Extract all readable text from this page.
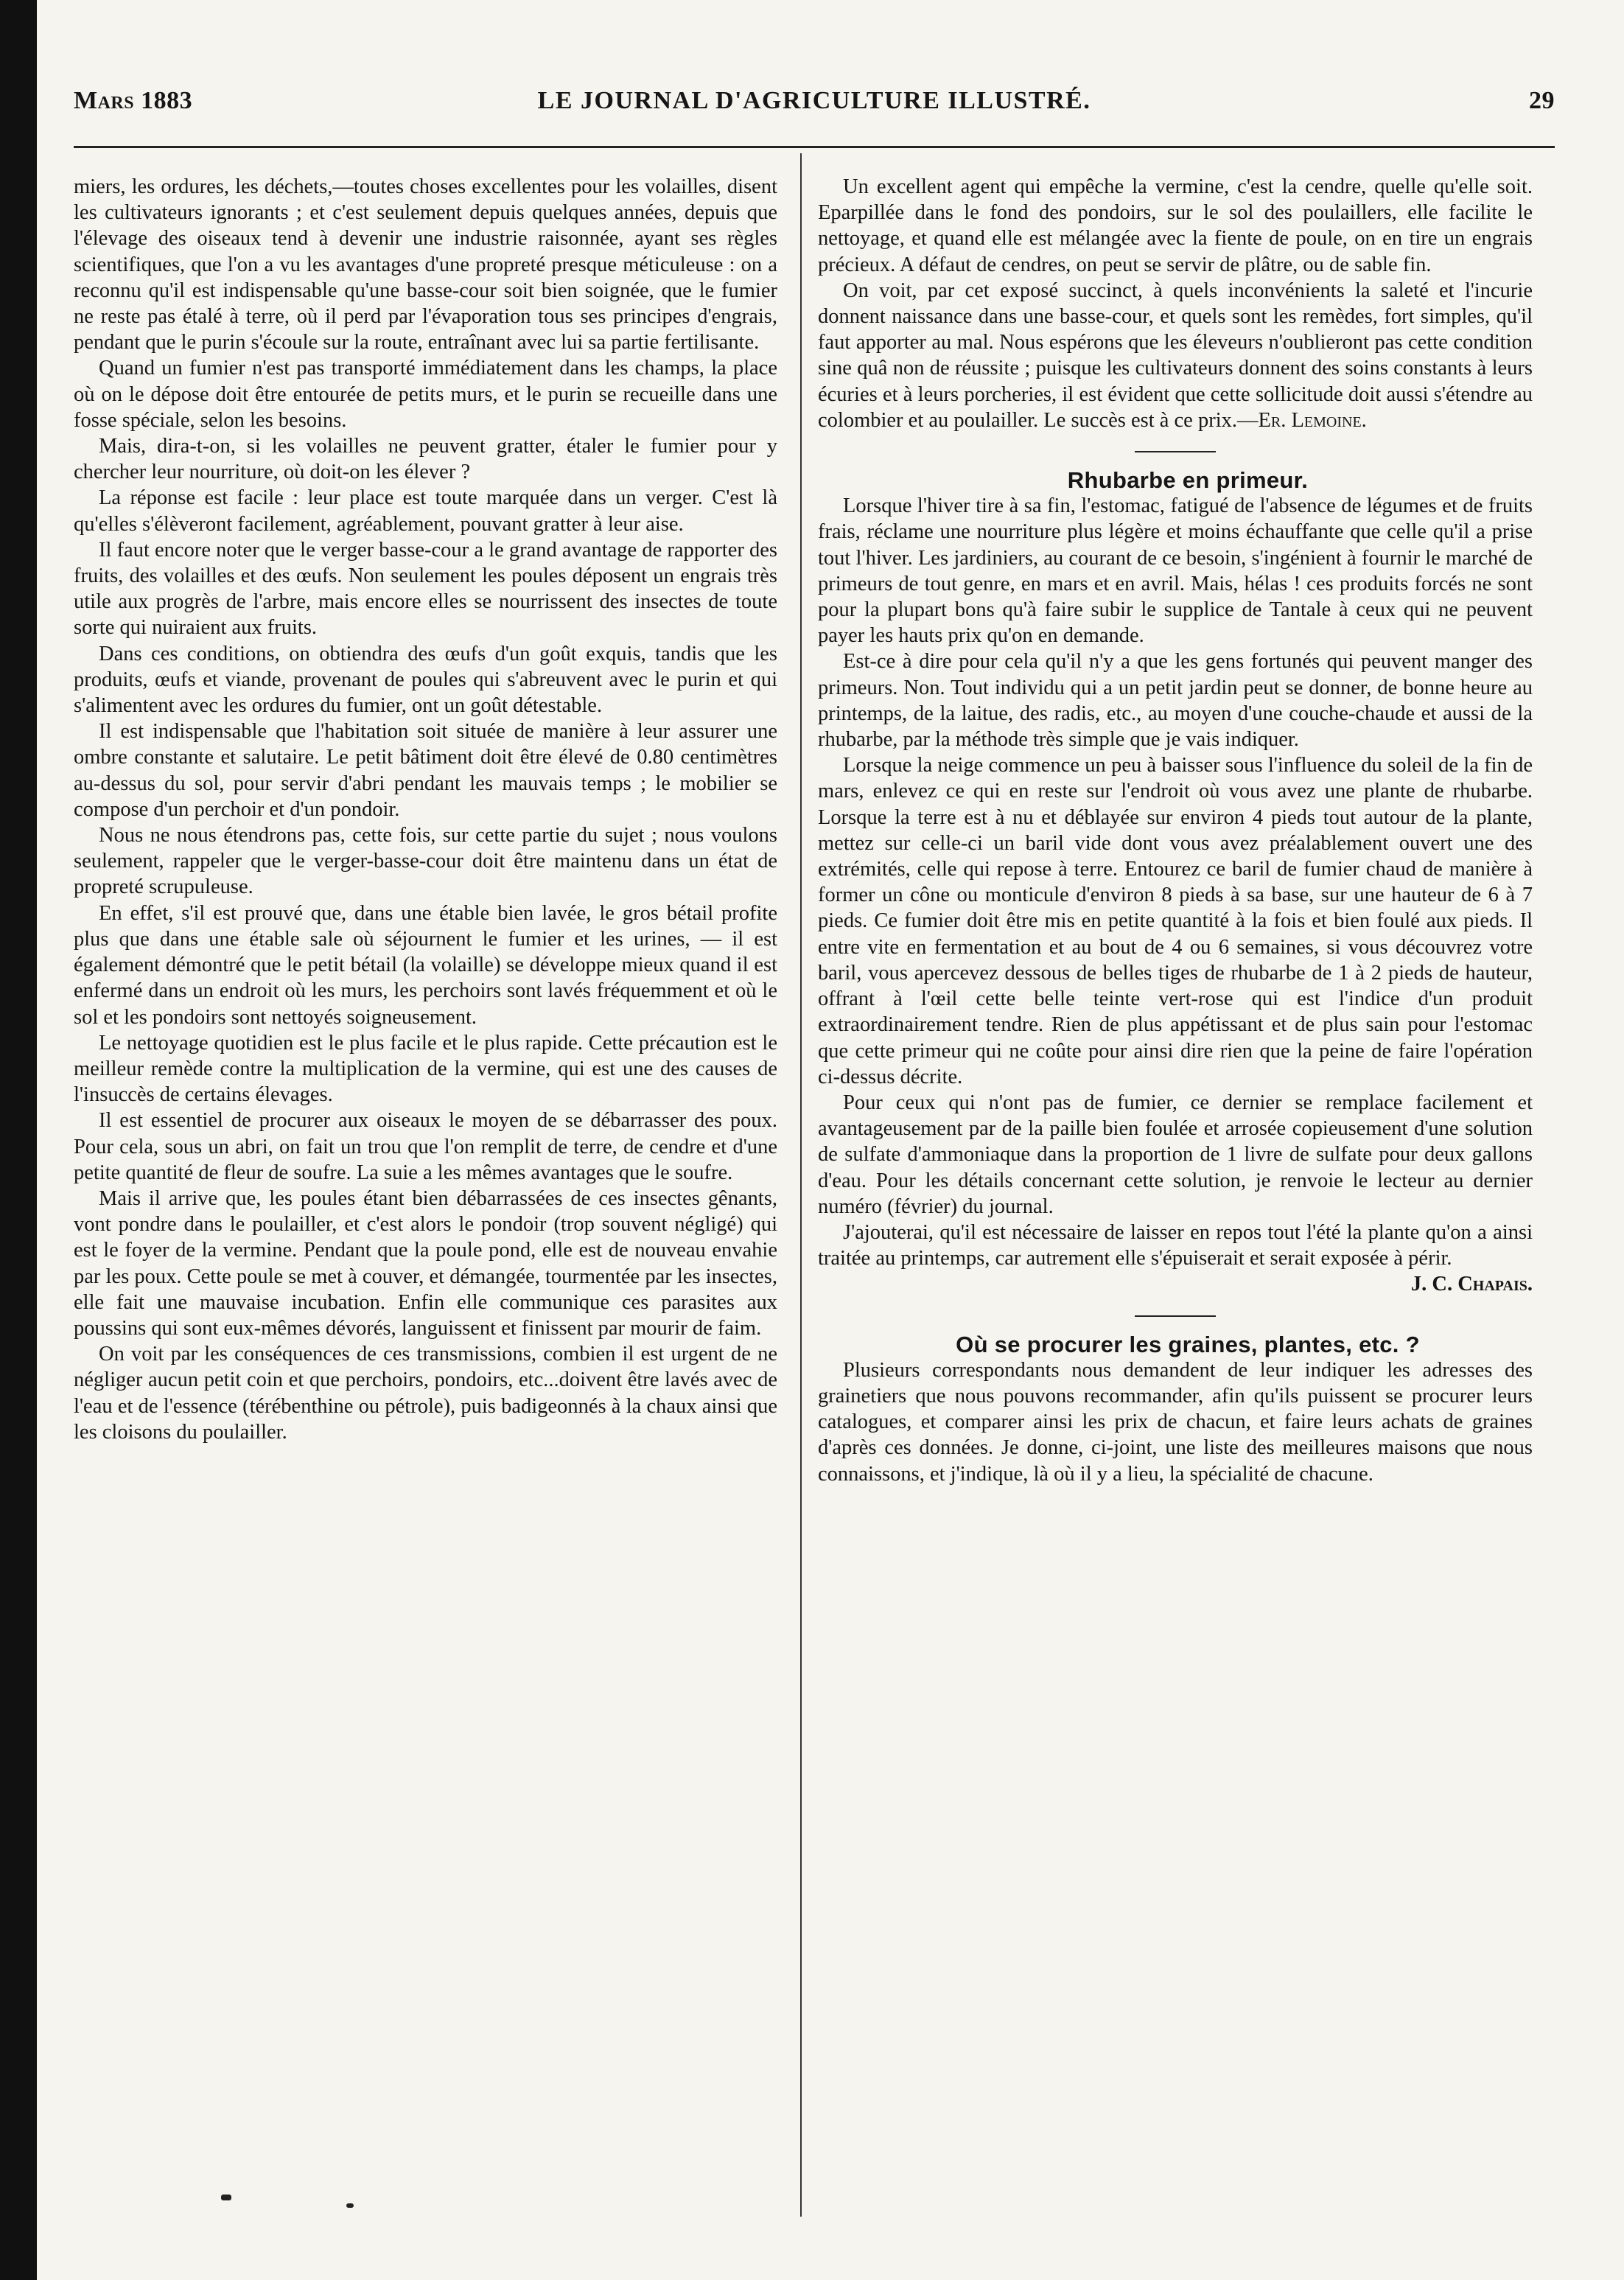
LE JOURNAL D'AGRICULTURE ILLUSTRÉ.
Mars 1883	29

miers, les ordures, les déchets,—toutes choses excellentes pour les volailles, disent les cultivateurs ignorants ; et c'est seulement depuis quelques années, depuis que l'élevage des oiseaux tend à devenir une industrie raisonnée, ayant ses règles scientifiques, que l'on a vu les avantages d'une propreté presque méticuleuse : on a reconnu qu'il est indispensable qu'une basse-cour soit bien soignée, que le fumier ne reste pas étalé à terre, où il perd par l'évaporation tous ses principes d'engrais, pendant que le purin s'écoule sur la route, entraînant avec lui sa partie fertilisante.

Quand un fumier n'est pas transporté immédiatement dans les champs, la place où on le dépose doit être entourée de petits murs, et le purin se recueille dans une fosse spéciale, selon les besoins.

Mais, dira-t-on, si les volailles ne peuvent gratter, étaler le fumier pour y chercher leur nourriture, où doit-on les élever ?

La réponse est facile : leur place est toute marquée dans un verger. C'est là qu'elles s'élèveront facilement, agréablement, pouvant gratter à leur aise.

Il faut encore noter que le verger basse-cour a le grand avantage de rapporter des fruits, des volailles et des œufs. Non seulement les poules déposent un engrais très utile aux progrès de l'arbre, mais encore elles se nourrissent des insectes de toute sorte qui nuiraient aux fruits.

Dans ces conditions, on obtiendra des œufs d'un goût exquis, tandis que les produits, œufs et viande, provenant de poules qui s'abreuvent avec le purin et qui s'alimentent avec les ordures du fumier, ont un goût détestable.

Il est indispensable que l'habitation soit située de manière à leur assurer une ombre constante et salutaire. Le petit bâtiment doit être élevé de 0.80 centimètres au-dessus du sol, pour servir d'abri pendant les mauvais temps ; le mobilier se compose d'un perchoir et d'un pondoir.

Nous ne nous étendrons pas, cette fois, sur cette partie du sujet ; nous voulons seulement, rappeler que le verger-basse-cour doit être maintenu dans un état de propreté scrupuleuse.

En effet, s'il est prouvé que, dans une étable bien lavée, le gros bétail profite plus que dans une étable sale où séjournent le fumier et les urines, — il est également démontré que le petit bétail (la volaille) se développe mieux quand il est enfermé dans un endroit où les murs, les perchoirs sont lavés fréquemment et où le sol et les pondoirs sont nettoyés soigneusement.

Le nettoyage quotidien est le plus facile et le plus rapide. Cette précaution est le meilleur remède contre la multiplication de la vermine, qui est une des causes de l'insuccès de certains élevages.

Il est essentiel de procurer aux oiseaux le moyen de se débarrasser des poux. Pour cela, sous un abri, on fait un trou que l'on remplit de terre, de cendre et d'une petite quantité de fleur de soufre. La suie a les mêmes avantages que le soufre.

Mais il arrive que, les poules étant bien débarrassées de ces insectes gênants, vont pondre dans le poulailler, et c'est alors le pondoir (trop souvent négligé) qui est le foyer de la vermine. Pendant que la poule pond, elle est de nouveau envahie par les poux. Cette poule se met à couver, et démangée, tourmentée par les insectes, elle fait une mauvaise incubation. Enfin elle communique ces parasites aux poussins qui sont eux-mêmes dévorés, languissent et finissent par mourir de faim.

On voit par les conséquences de ces transmissions, combien il est urgent de ne négliger aucun petit coin et que perchoirs, pondoirs, etc...doivent être lavés avec de l'eau et de l'essence (térébenthine ou pétrole), puis badigeonnés à la chaux ainsi que les cloisons du poulailler.

Un excellent agent qui empêche la vermine, c'est la cendre, quelle qu'elle soit. Eparpillée dans le fond des pondoirs, sur le sol des poulaillers, elle facilite le nettoyage, et quand elle est mélangée avec la fiente de poule, on en tire un engrais précieux. A défaut de cendres, on peut se servir de plâtre, ou de sable fin.

On voit, par cet exposé succinct, à quels inconvénients la saleté et l'incurie donnent naissance dans une basse-cour, et quels sont les remèdes, fort simples, qu'il faut apporter au mal. Nous espérons que les éleveurs n'oublieront pas cette condition sine quâ non de réussite ; puisque les cultivateurs donnent des soins constants à leurs écuries et à leurs porcheries, il est évident que cette sollicitude doit aussi s'étendre au colombier et au poulailler. Le succès est à ce prix.—Er. Lemoine.

Rhubarbe en primeur.

Lorsque l'hiver tire à sa fin, l'estomac, fatigué de l'absence de légumes et de fruits frais, réclame une nourriture plus légère et moins échauffante que celle qu'il a prise tout l'hiver. Les jardiniers, au courant de ce besoin, s'ingénient à fournir le marché de primeurs de tout genre, en mars et en avril. Mais, hélas ! ces produits forcés ne sont pour la plupart bons qu'à faire subir le supplice de Tantale à ceux qui ne peuvent payer les hauts prix qu'on en demande.

Est-ce à dire pour cela qu'il n'y a que les gens fortunés qui peuvent manger des primeurs. Non. Tout individu qui a un petit jardin peut se donner, de bonne heure au printemps, de la laitue, des radis, etc., au moyen d'une couche-chaude et aussi de la rhubarbe, par la méthode très simple que je vais indiquer.

Lorsque la neige commence un peu à baisser sous l'influence du soleil de la fin de mars, enlevez ce qui en reste sur l'endroit où vous avez une plante de rhubarbe. Lorsque la terre est à nu et déblayée sur environ 4 pieds tout autour de la plante, mettez sur celle-ci un baril vide dont vous avez préalablement ouvert une des extrémités, celle qui repose à terre. Entourez ce baril de fumier chaud de manière à former un cône ou monticule d'environ 8 pieds à sa base, sur une hauteur de 6 à 7 pieds. Ce fumier doit être mis en petite quantité à la fois et bien foulé aux pieds. Il entre vite en fermentation et au bout de 4 ou 6 semaines, si vous découvrez votre baril, vous apercevez dessous de belles tiges de rhubarbe de 1 à 2 pieds de hauteur, offrant à l'œil cette belle teinte vert-rose qui est l'indice d'un produit extraordinairement tendre. Rien de plus appétissant et de plus sain pour l'estomac que cette primeur qui ne coûte pour ainsi dire rien que la peine de faire l'opération ci-dessus décrite.

Pour ceux qui n'ont pas de fumier, ce dernier se remplace facilement et avantageusement par de la paille bien foulée et arrosée copieusement d'une solution de sulfate d'ammoniaque dans la proportion de 1 livre de sulfate pour deux gallons d'eau. Pour les détails concernant cette solution, je renvoie le lecteur au dernier numéro (février) du journal.

J'ajouterai, qu'il est nécessaire de laisser en repos tout l'été la plante qu'on a ainsi traitée au printemps, car autrement elle s'épuiserait et serait exposée à périr.

J. C. Chapais.

Où se procurer les graines, plantes, etc. ?

Plusieurs correspondants nous demandent de leur indiquer les adresses des grainetiers que nous pouvons recommander, afin qu'ils puissent se procurer leurs catalogues, et comparer ainsi les prix de chacun, et faire leurs achats de graines d'après ces données. Je donne, ci-joint, une liste des meilleures maisons que nous connaissons, et j'indique, là où il y a lieu, la spécialité de chacune.
